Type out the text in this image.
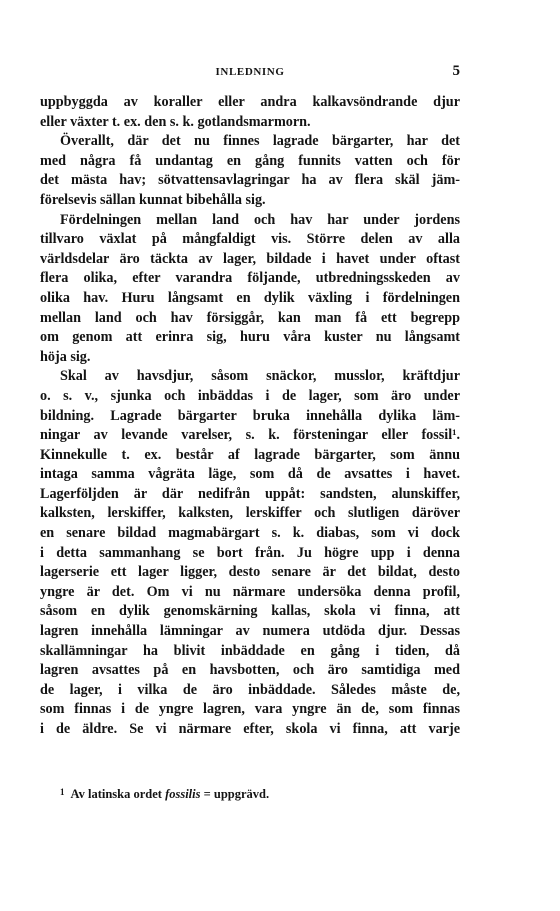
INLEDNING	5
uppbyggda av koraller eller andra kalkavsöndrande djur
eller växter t. ex. den s. k. gotlandsmarmorn.
Överallt, där det nu finnes lagrade bärgarter, har det
med några få undantag en gång funnits vatten och för
det mästa hav; sötvattensavlagringar ha av flera skäl jäm-
förelsevis sällan kunnat bibehålla sig.
Fördelningen mellan land och hav har under jordens
tillvaro växlat på mångfaldigt vis. Större delen av alla
världsdelar äro täckta av lager, bildade i havet under oftast
flera olika, efter varandra följande, utbredningsskeden av
olika hav. Huru långsamt en dylik växling i fördelningen
mellan land och hav försiggår, kan man få ett begrepp
om genom att erinra sig, huru våra kuster nu långsamt
höja sig.
Skal av havsdjur, såsom snäckor, musslor, kräftdjur
o. s. v., sjunka och inbäddas i de lager, som äro under
bildning. Lagrade bärgarter bruka innehålla dylika läm-
ningar av levande varelser, s. k. försteningar eller fossil¹.
Kinnekulle t. ex. består af lagrade bärgarter, som ännu
intaga samma vågräta läge, som då de avsattes i havet.
Lagerföljden är där nedifrån uppåt: sandsten, alunskiffer,
kalksten, lerskiffer, kalksten, lerskiffer och slutligen däröver
en senare bildad magmabärgart s. k. diabas, som vi dock
i detta sammanhang se bort från. Ju högre upp i denna
lagerserie ett lager ligger, desto senare är det bildat, desto
yngre är det. Om vi nu närmare undersöka denna profil,
såsom en dylik genomskärning kallas, skola vi finna, att
lagren innehålla lämningar av numera utdöda djur. Dessas
skallämningar ha blivit inbäddade en gång i tiden, då
lagren avsattes på en havsbotten, och äro samtidiga med
de lager, i vilka de äro inbäddade. Således måste de,
som finnas i de yngre lagren, vara yngre än de, som finnas
i de äldre. Se vi närmare efter, skola vi finna, att varje
$^1$ Av latinska ordet fossilis = uppgrävd.
